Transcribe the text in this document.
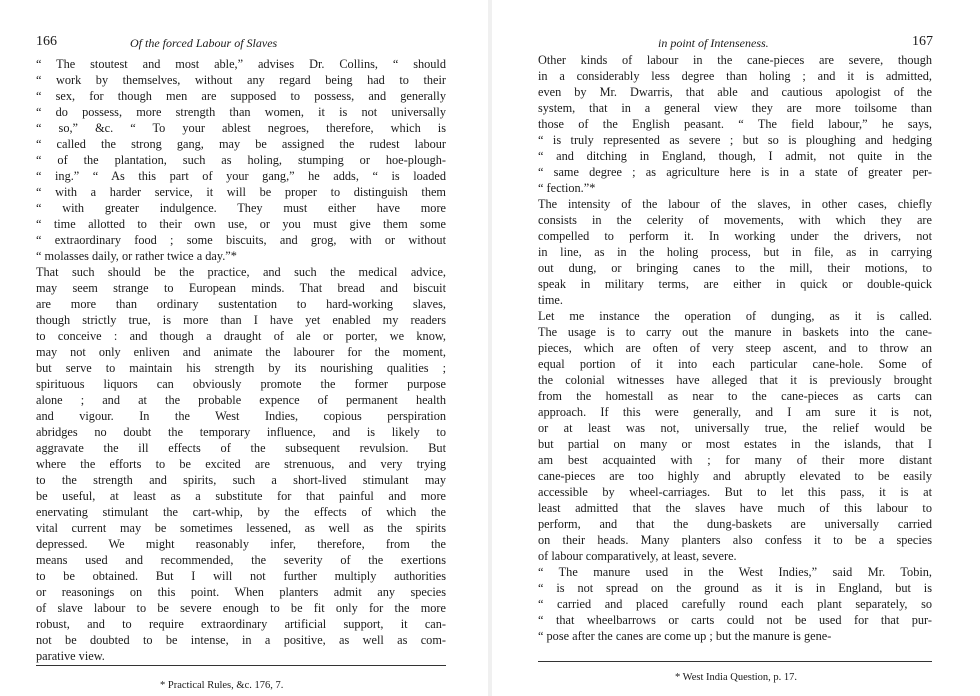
166	Of the forced Labour of Slaves
“ The stoutest and most able,” advises Dr. Collins, “ should
“ work by themselves, without any regard being had to their
“ sex, for though men are supposed to possess, and generally
“ do possess, more strength than women, it is not universally
“ so,” &c. “ To your ablest negroes, therefore, which is
“ called the strong gang, may be assigned the rudest labour
“ of the plantation, such as holing, stumping or hoe-plough-
“ ing.” “ As this part of your gang,” he adds, “ is loaded
“ with a harder service, it will be proper to distinguish them
“ with greater indulgence. They must either have more
“ time allotted to their own use, or you must give them some
“ extraordinary food ; some biscuits, and grog, with or without
“ molasses daily, or rather twice a day.”*
That such should be the practice, and such the medical advice,
may seem strange to European minds. That bread and biscuit
are more than ordinary sustentation to hard-working slaves,
though strictly true, is more than I have yet enabled my readers
to conceive : and though a draught of ale or porter, we know,
may not only enliven and animate the labourer for the moment,
but serve to maintain his strength by its nourishing qualities ;
spirituous liquors can obviously promote the former purpose
alone ; and at the probable expence of permanent health
and vigour. In the West Indies, copious perspiration
abridges no doubt the temporary influence, and is likely to
aggravate the ill effects of the subsequent revulsion. But
where the efforts to be excited are strenuous, and very trying
to the strength and spirits, such a short-lived stimulant may
be useful, at least as a substitute for that painful and more
enervating stimulant the cart-whip, by the effects of which the
vital current may be sometimes lessened, as well as the spirits
depressed. We might reasonably infer, therefore, from the
means used and recommended, the severity of the exertions
to be obtained. But I will not further multiply authorities
or reasonings on this point. When planters admit any species
of slave labour to be severe enough to be fit only for the more
robust, and to require extraordinary artificial support, it can-
not be doubted to be intense, in a positive, as well as com-
parative view.
* Practical Rules, &c. 176, 7.
in point of Intenseness.	167
Other kinds of labour in the cane-pieces are severe, though
in a considerably less degree than holing ; and it is admitted,
even by Mr. Dwarris, that able and cautious apologist of the
system, that in a general view they are more toilsome than
those of the English peasant. “ The field labour,” he says,
“ is truly represented as severe ; but so is ploughing and hedging
“ and ditching in England, though, I admit, not quite in the
“ same degree ; as agriculture here is in a state of greater per-
“ fection.”*
The intensity of the labour of the slaves, in other cases, chiefly
consists in the celerity of movements, with which they are
compelled to perform it. In working under the drivers, not
in line, as in the holing process, but in file, as in carrying
out dung, or bringing canes to the mill, their motions, to
speak in military terms, are either in quick or double-quick
time.
Let me instance the operation of dunging, as it is called.
The usage is to carry out the manure in baskets into the cane-
pieces, which are often of very steep ascent, and to throw an
equal portion of it into each particular cane-hole. Some of
the colonial witnesses have alleged that it is previously brought
from the homestall as near to the cane-pieces as carts can
approach. If this were generally, and I am sure it is not,
or at least was not, universally true, the relief would be
but partial on many or most estates in the islands, that I
am best acquainted with ; for many of their more distant
cane-pieces are too highly and abruptly elevated to be easily
accessible by wheel-carriages. But to let this pass, it is at
least admitted that the slaves have much of this labour to
perform, and that the dung-baskets are universally carried
on their heads. Many planters also confess it to be a species
of labour comparatively, at least, severe.
“ The manure used in the West Indies,” said Mr. Tobin,
“ is not spread on the ground as it is in England, but is
“ carried and placed carefully round each plant separately, so
“ that wheelbarrows or carts could not be used for that pur-
“ pose after the canes are come up ; but the manure is gene-
* West India Question, p. 17.
